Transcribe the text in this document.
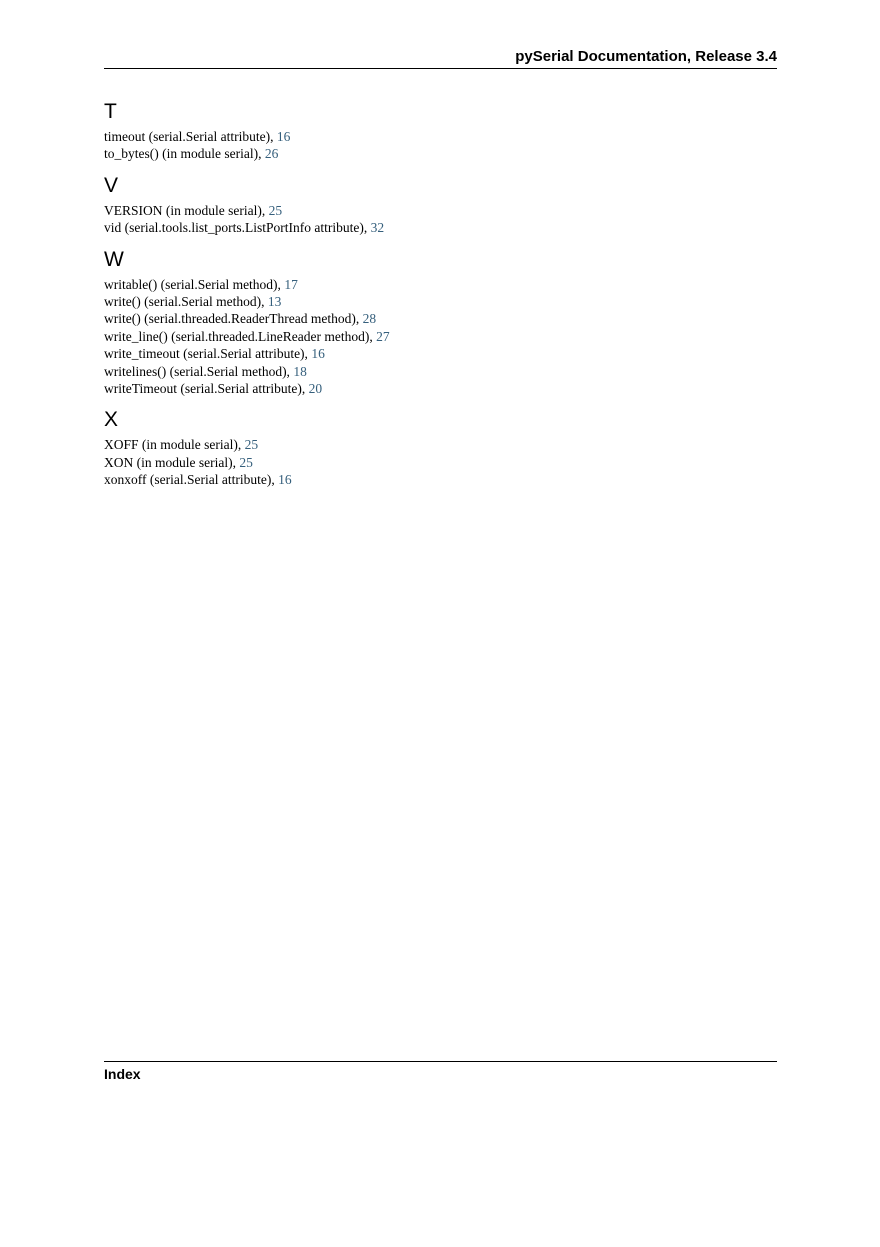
pySerial Documentation, Release 3.4
T
timeout (serial.Serial attribute), 16
to_bytes() (in module serial), 26
V
VERSION (in module serial), 25
vid (serial.tools.list_ports.ListPortInfo attribute), 32
W
writable() (serial.Serial method), 17
write() (serial.Serial method), 13
write() (serial.threaded.ReaderThread method), 28
write_line() (serial.threaded.LineReader method), 27
write_timeout (serial.Serial attribute), 16
writelines() (serial.Serial method), 18
writeTimeout (serial.Serial attribute), 20
X
XOFF (in module serial), 25
XON (in module serial), 25
xonxoff (serial.Serial attribute), 16
Index
